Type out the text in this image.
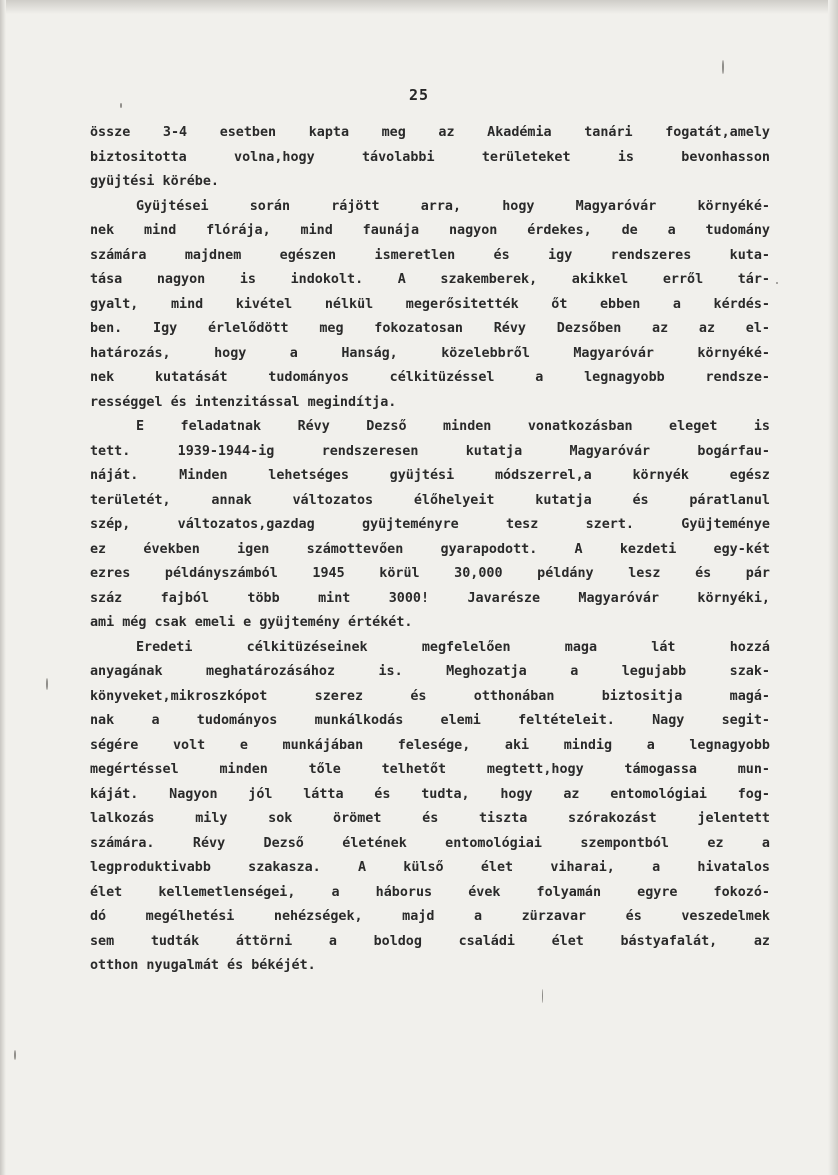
25
össze 3-4 esetben kapta meg az Akadémia tanári fogatát,amely
biztositotta volna,hogy távolabbi területeket is bevonhasson
gyüjtési körébe.
Gyüjtései során rájött arra, hogy Magyaróvár környéké-
nek mind flórája, mind faunája nagyon érdekes, de a tudomány
számára majdnem egészen ismeretlen és igy rendszeres kuta-
tása nagyon is indokolt. A szakemberek, akikkel erről tár-
gyalt, mind kivétel nélkül megerősitették őt ebben a kérdés-
ben. Igy érlelődött meg fokozatosan Révy Dezsőben az az el-
határozás, hogy a Hanság, közelebbről Magyaróvár környéké-
nek kutatását tudományos célkitüzéssel a legnagyobb rendsze-
rességgel és intenzitással megindítja.
E feladatnak Révy Dezső minden vonatkozásban eleget is
tett. 1939-1944-ig rendszeresen kutatja Magyaróvár bogárfau-
náját. Minden lehetséges gyüjtési módszerrel,a környék egész
területét, annak változatos élőhelyeit kutatja és páratlanul
szép, változatos,gazdag gyüjteményre tesz szert. Gyüjteménye
ez években igen számottevően gyarapodott. A kezdeti egy-két
ezres példányszámból 1945 körül 30,000 példány lesz és pár
száz fajból több mint 3000! Javarésze Magyaróvár környéki,
ami még csak emeli e gyüjtemény értékét.
Eredeti célkitüzéseinek megfelelően maga lát hozzá
anyagának meghatározásához is. Meghozatja a legujabb szak-
könyveket,mikroszkópot szerez és otthonában biztositja magá-
nak a tudományos munkálkodás elemi feltételeit. Nagy segit-
ségére volt e munkájában felesége, aki mindig a legnagyobb
megértéssel minden tőle telhetőt megtett,hogy támogassa mun-
káját. Nagyon jól látta és tudta, hogy az entomológiai fog-
lalkozás mily sok örömet és tiszta szórakozást jelentett
számára. Révy Dezső életének entomológiai szempontból ez a
legproduktivabb szakasza. A külső élet viharai, a hivatalos
élet kellemetlenségei, a háborus évek folyamán egyre fokozó-
dó megélhetési nehézségek, majd a zürzavar és veszedelmek
sem tudták áttörni a boldog családi élet bástyafalát, az
otthon nyugalmát és békéjét.
